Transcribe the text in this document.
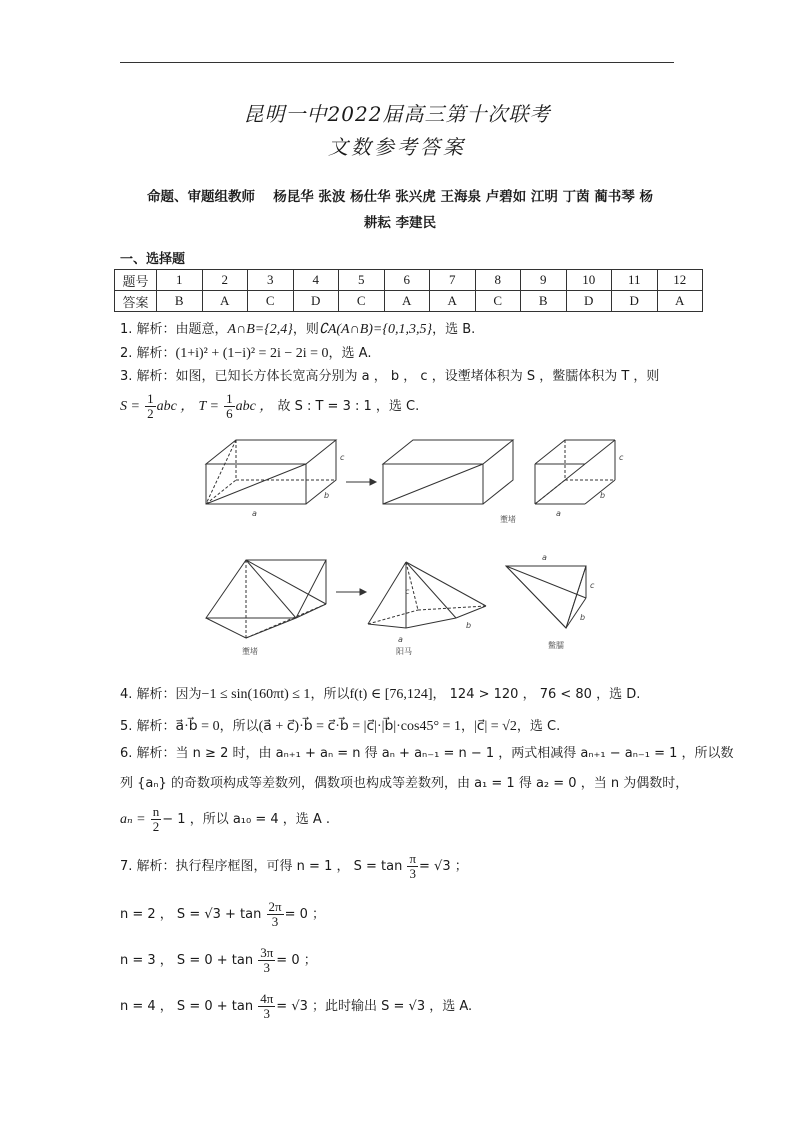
昆明一中2022届高三第十次联考
文数参考答案
命题、审题组教师　 杨昆华 张波 杨仕华 张兴虎 王海泉 卢碧如 江明 丁茵 蔺书琴 杨
耕耘 李建民
一、选择题
题号	1	2	3	4	5	6	7	8	9	10	11	12
答案	B	A	C	D	C	A	A	C	B	D	D	A
1. 解析：由题意，A∩B={2,4}，则∁A(A∩B)={0,1,3,5}，选 B.
2. 解析：(1+i)² + (1−i)² = 2i − 2i = 0，选 A.
3. 解析：如图，已知长方体长宽高分别为 a ， b ， c ，设壍堵体积为 S ，鳖臑体积为 T ，则
$S = \frac{1}{2}$ abc ， $T = \frac{1}{6}$ abc ， 故 S : T = 3 : 1 ，选 C.
c
b
a
c
b
a
壍堵
c
b
a
a
c
b
壍堵	阳马
鳖臑
4. 解析：因为−1 ≤ sin(160πt) ≤ 1，所以f(t) ∈ [76,124]， 124 > 120 ， 76 < 80 ，选 D.
5. 解析：a⃗·b⃗ = 0，所以(a⃗ + c⃗)·b⃗ = c⃗·b⃗ = |c⃗|·|b⃗|·cos45° = 1，|c⃗| = √2，选 C.
6. 解析：当 n ≥ 2 时，由 aₙ₊₁ + aₙ = n 得 aₙ + aₙ₋₁ = n − 1 ，两式相减得 aₙ₊₁ − aₙ₋₁ = 1 ，所以数
列 {aₙ} 的奇数项构成等差数列，偶数项也构成等差数列，由 a₁ = 1 得 a₂ = 0 ，当 n 为偶数时，
$a_n = \frac{n}{2} - 1$ ，所以 a₁₀ = 4 ，选 A .
7. 解析：执行程序框图，可得 n = 1 ， $S = \tan \frac{\pi}{3} = √3$ ；
n = 2 ， $S = √3 + \tan \frac{2\pi}{3} = 0$ ；
n = 3 ， $S = 0 + \tan \frac{3\pi}{3} = 0$ ；
n = 4 ， $S = 0 + \tan \frac{4\pi}{3} = √3$ ；此时输出 S = √3 ，选 A.
